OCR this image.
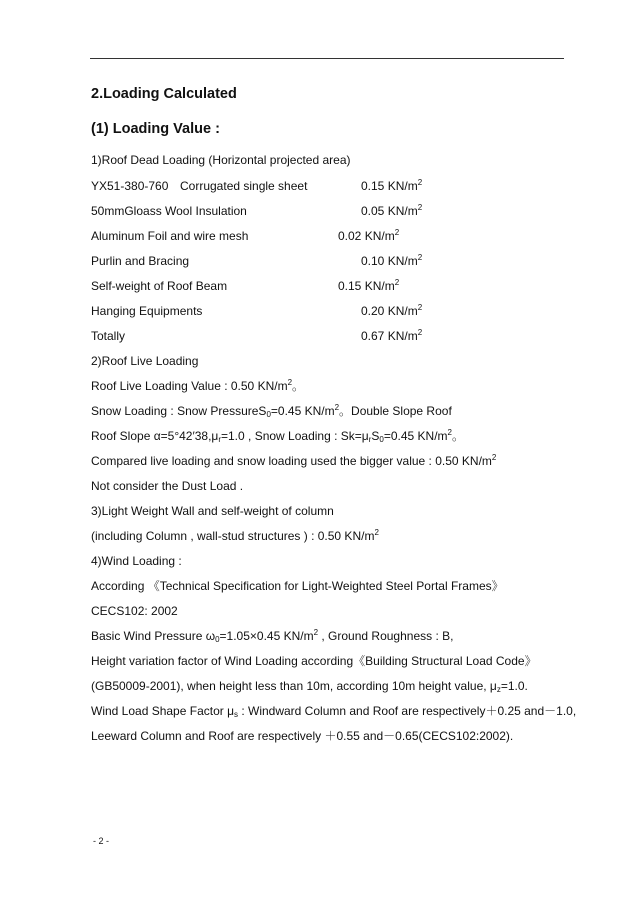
2.Loading Calculated
(1) Loading Value :
1)Roof Dead Loading (Horizontal projected area)
YX51-380-760 Corrugated single sheet	0.15 $KN/m^2$
50mmGloass Wool Insulation	0.05 $KN/m^2$
Aluminum Foil and wire mesh	0.02 $KN/m^2$
Purlin and Bracing	0.10 $KN/m^2$
Self-weight of Roof Beam	0.15 $KN/m^2$
Hanging Equipments	0.20 $KN/m^2$
Totally	0.67 $KN/m^2$
2)Roof Live Loading
Roof Live Loading Value : 0.50 $KN/m^2$。
Snow Loading : Snow PressureS$_0$=0.45 $KN/m^2$。Double Slope Roof
Roof Slope $\alpha=5^\circ 42'38,\mu_r=1.0$ , Snow Loading : $Sk=\mu_rS_0=0.45$ $KN/m^2$。
Compared live loading and snow loading used the bigger value : 0.50 $KN/m^2$
Not consider the Dust Load .
3)Light Weight Wall and self-weight of column
(including Column , wall-stud structures ) : 0.50 $KN/m^2$
4)Wind Loading :
According 《Technical Specification for Light-Weighted Steel Portal Frames》
CECS102: 2002
Basic Wind Pressure $\omega_0=1.05\times 0.45$ $KN/m^2$ , Ground Roughness : B,
Height variation factor of Wind Loading according《Building Structural Load Code》
(GB50009-2001), when height less than 10m, according 10m height value, $\mu_z=1.0$.
Wind Load Shape Factor $\mu_s$ : Windward Column and Roof are respectively＋0.25 and－1.0,
Leeward Column and Roof are respectively ＋0.55 and－0.65(CECS102:2002).
- 2 -
